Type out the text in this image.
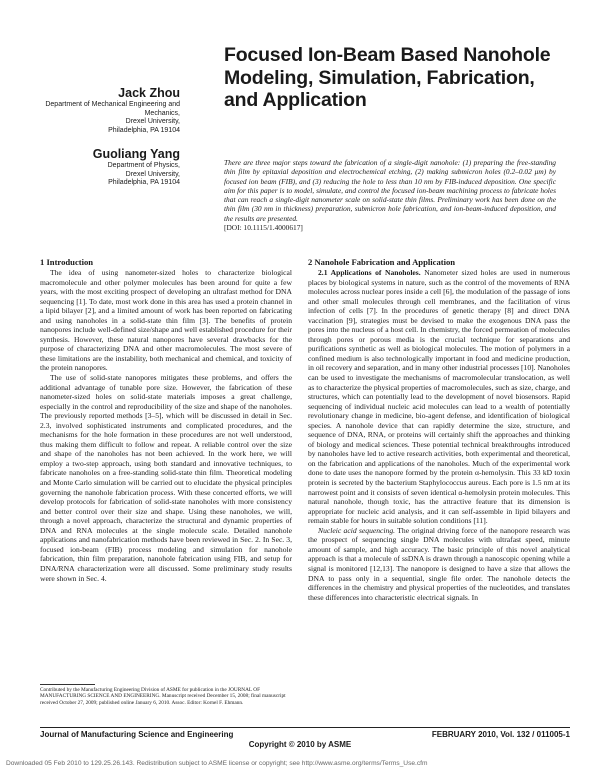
Focused Ion-Beam Based Nanohole Modeling, Simulation, Fabrication, and Application
Jack Zhou
Department of Mechanical Engineering and
Mechanics,
Drexel University,
Philadelphia, PA 19104
Guoliang Yang
Department of Physics,
Drexel University,
Philadelphia, PA 19104
There are three major steps toward the fabrication of a single-digit nanohole: (1) preparing the free-standing thin film by epitaxial deposition and electrochemical etching, (2) making submicron holes (0.2–0.02 μm) by focused ion beam (FIB), and (3) reducing the hole to less than 10 nm by FIB-induced deposition. One specific aim for this paper is to model, simulate, and control the focused ion-beam machining process to fabricate holes that can reach a single-digit nanometer scale on solid-state thin films. Preliminary work has been done on the thin film (30 nm in thickness) preparation, submicron hole fabrication, and ion-beam-induced deposition, and the results are presented.
[DOI: 10.1115/1.4000617]
1 Introduction

The idea of using nanometer-sized holes to characterize biological macromolecule and other polymer molecules has been around for quite a few years, with the most exciting prospect of developing an ultrafast method for DNA sequencing [1]. To date, most work done in this area has used a protein channel in a lipid bilayer [2], and a limited amount of work has been reported on fabricating and using nanoholes in a solid-state thin film [3]. The benefits of protein nanopores include well-defined size/shape and well established procedure for their synthesis. However, these natural nanopores have several drawbacks for the purpose of characterizing DNA and other macromolecules. The most severe of these limitations are the instability, both mechanical and chemical, and toxicity of the protein nanopores.

The use of solid-state nanopores mitigates these problems, and offers the additional advantage of tunable pore size. However, the fabrication of these nanometer-sized holes on solid-state materials imposes a great challenge, especially in the control and reproducibility of the size and shape of the nanoholes. The previously reported methods [3–5], which will be discussed in detail in Sec. 2.3, involved sophisticated instruments and complicated procedures, and the mechanisms for the hole formation in these procedures are not well understood, thus making them difficult to follow and repeat. A reliable control over the size and shape of the nanoholes has not been achieved. In the work here, we will employ a two-step approach, using both standard and innovative techniques, to fabricate nanoholes on a free-standing solid-state thin film. Theoretical modeling and Monte Carlo simulation will be carried out to elucidate the physical principles governing the nanohole fabrication process. With these concerted efforts, we will develop protocols for fabrication of solid-state nanoholes with more consistency and better control over their size and shape. Using these nanoholes, we will, through a novel approach, characterize the structural and dynamic properties of DNA and RNA molecules at the single molecule scale. Detailed nanohole applications and nanofabrication methods have been reviewed in Sec. 2. In Sec. 3, focused ion-beam (FIB) process modeling and simulation for nanohole fabrication, thin film preparation, nanohole fabrication using FIB, and setup for DNA/RNA characterization were all discussed. Some preliminary study results were shown in Sec. 4.

Contributed by the Manufacturing Engineering Division of ASME for publication in the JOURNAL OF MANUFACTURING SCIENCE AND ENGINEERING. Manuscript received December 15, 2008; final manuscript received October 27, 2009; published online January 6, 2010. Assoc. Editor: Kornel F. Ehmann.
2 Nanohole Fabrication and Application

2.1 Applications of Nanoholes. Nanometer sized holes are used in numerous places by biological systems in nature, such as the control of the movements of RNA molecules across nuclear pores inside a cell [6], the modulation of the passage of ions and other small molecules through cell membranes, and the facilitation of virus infection of cells [7]. In the procedures of genetic therapy [8] and direct DNA vaccination [9], strategies must be devised to make the exogenous DNA pass the pores into the nucleus of a host cell. In chemistry, the forced permeation of molecules through pores or porous media is the crucial technique for separations and purifications synthetic as well as biological molecules. The motion of polymers in a confined medium is also technologically important in food and medicine production, in oil recovery and separation, and in many other industrial processes [10]. Nanoholes can be used to investigate the mechanisms of macromolecular translocation, as well as to characterize the physical properties of macromolecules, such as size, charge, and structures, which can potentially lead to the development of novel biosensors. Rapid sequencing of individual nucleic acid molecules can lead to a wealth of potentially revolutionary change in medicine, bio-agent defense, and identification of biological species. A nanohole device that can rapidly determine the size, structure, and sequence of DNA, RNA, or proteins will certainly shift the approaches and thinking of biology and medical sciences. These potential technical breakthroughs introduced by nanoholes have led to active research activities, both experimental and theoretical, on the fabrication and applications of the nanoholes. Much of the experimental work done to date uses the nanopore formed by the protein α-hemolysin. This 33 kD toxin protein is secreted by the bacterium Staphylococcus aureus. Each pore is 1.5 nm at its narrowest point and it consists of seven identical α-hemolysin protein molecules. This natural nanohole, though toxic, has the attractive feature that its dimension is appropriate for nucleic acid analysis, and it can self-assemble in lipid bilayers and remain stable for hours in suitable solution conditions [11].

Nucleic acid sequencing. The original driving force of the nanopore research was the prospect of sequencing single DNA molecules with ultrafast speed, minute amount of sample, and high accuracy. The basic principle of this novel analytical approach is that a molecule of ssDNA is drawn through a nanoscopic opening while a signal is monitored [12,13]. The nanopore is designed to have a size that allows the DNA to pass only in a sequential, single file order. The nanohole detects the differences in the chemistry and physical properties of the nucleotides, and translates these differences into characteristic electrical signals. In

Journal of Manufacturing Science and Engineering	FEBRUARY 2010, Vol. 132 / 011005-1
Copyright © 2010 by ASME
Downloaded 05 Feb 2010 to 129.25.26.143. Redistribution subject to ASME license or copyright; see http://www.asme.org/terms/Terms_Use.cfm
